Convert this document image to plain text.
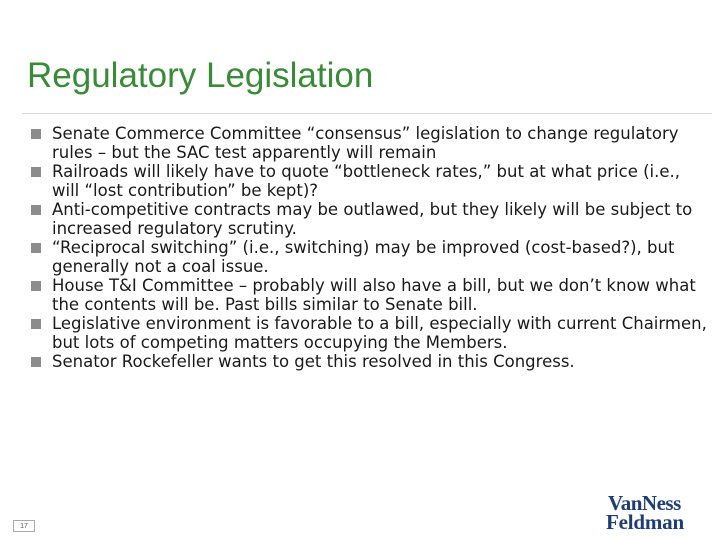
Regulatory Legislation
Senate Commerce Committee “consensus” legislation to change regulatory rules – but the SAC test apparently will remain
Railroads will likely have to quote “bottleneck rates,” but at what price (i.e., will “lost contribution” be kept)?
Anti-competitive contracts may be outlawed, but they likely will be subject to increased regulatory scrutiny.
“Reciprocal switching” (i.e., switching) may be improved (cost-based?), but generally not a coal issue.
House T&I Committee – probably will also have a bill, but we don’t know what the contents will be. Past bills similar to Senate bill.
Legislative environment is favorable to a bill, especially with current Chairmen, but lots of competing matters occupying the Members.
Senator Rockefeller wants to get this resolved in this Congress.
17
VanNess
Feldman
